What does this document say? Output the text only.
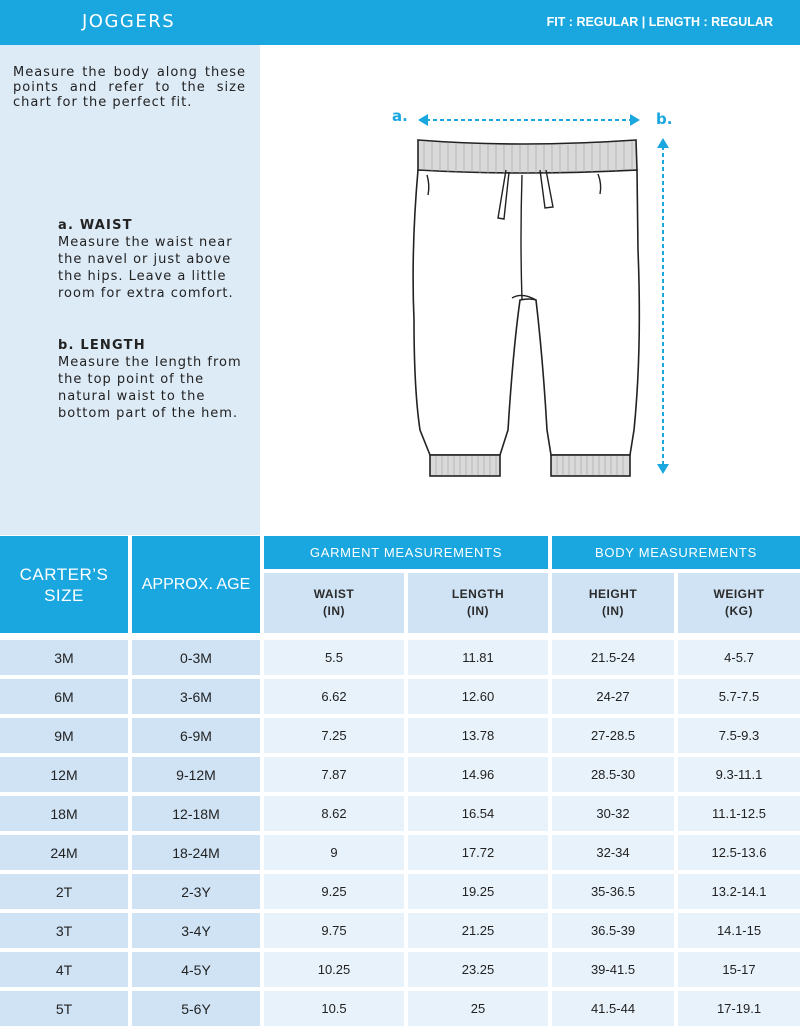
JOGGERS	FIT : REGULAR | LENGTH : REGULAR
Measure the body along these points and refer to the size chart for the perfect fit.
a. WAIST
Measure the waist near the navel or just above the hips. Leave a little room for extra comfort.
b. LENGTH
Measure the length from the top point of the natural waist to the bottom part of the hem.
a.	b.
CARTER’S SIZE
APPROX. AGE
GARMENT MEASUREMENTS	BODY MEASUREMENTS
WAIST
(IN)
LENGTH
(IN)
HEIGHT
(IN)
WEIGHT
(KG)
3M	0-3M	5.5	11.81	21.5-24	4-5.7
6M	3-6M	6.62	12.60	24-27	5.7-7.5
9M	6-9M	7.25	13.78	27-28.5	7.5-9.3
12M	9-12M	7.87	14.96	28.5-30	9.3-11.1
18M	12-18M	8.62	16.54	30-32	11.1-12.5
24M	18-24M	9	17.72	32-34	12.5-13.6
2T	2-3Y	9.25	19.25	35-36.5	13.2-14.1
3T	3-4Y	9.75	21.25	36.5-39	14.1-15
4T	4-5Y	10.25	23.25	39-41.5	15-17
5T	5-6Y	10.5	25	41.5-44	17-19.1
